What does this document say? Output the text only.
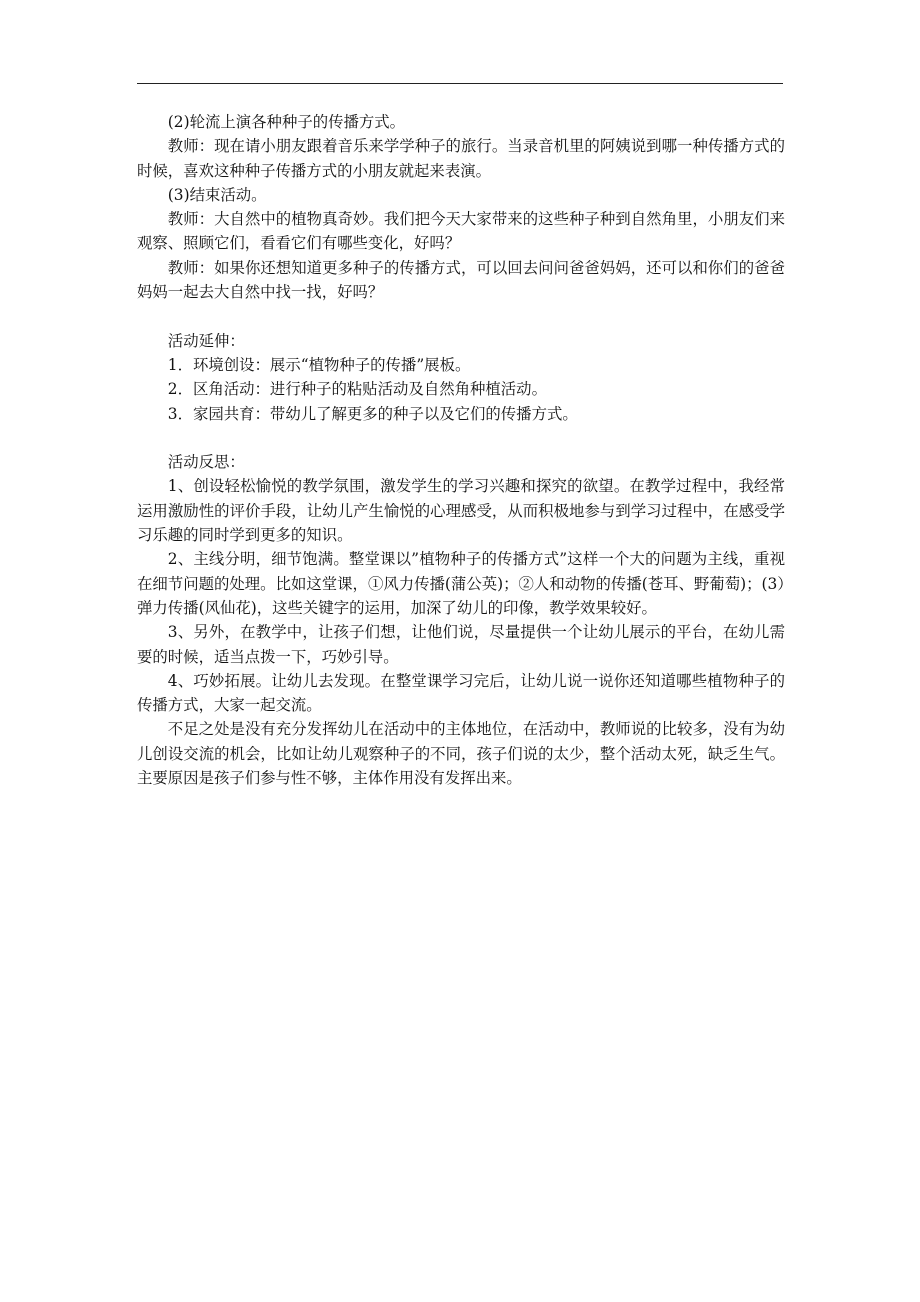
(2)轮流上演各种种子的传播方式。

教师：现在请小朋友跟着音乐来学学种子的旅行。当录音机里的阿姨说到哪一种传播方式的时候，喜欢这种种子传播方式的小朋友就起来表演。

(3)结束活动。

教师：大自然中的植物真奇妙。我们把今天大家带来的这些种子种到自然角里，小朋友们来观察、照顾它们，看看它们有哪些变化，好吗？

教师：如果你还想知道更多种子的传播方式，可以回去问问爸爸妈妈，还可以和你们的爸爸妈妈一起去大自然中找一找，好吗？

活动延伸：

1．环境创设：展示“植物种子的传播”展板。

2．区角活动：进行种子的粘贴活动及自然角种植活动。

3．家园共育：带幼儿了解更多的种子以及它们的传播方式。

活动反思：

1、创设轻松愉悦的教学氛围，激发学生的学习兴趣和探究的欲望。在教学过程中，我经常运用激励性的评价手段，让幼儿产生愉悦的心理感受，从而积极地参与到学习过程中，在感受学习乐趣的同时学到更多的知识。

2、主线分明，细节饱满。整堂课以”植物种子的传播方式”这样一个大的问题为主线，重视在细节问题的处理。比如这堂课，①风力传播(蒲公英)；②人和动物的传播(苍耳、野葡萄)；(3）弹力传播(风仙花)，这些关键字的运用，加深了幼儿的印像，教学效果较好。

3、另外，在教学中，让孩子们想，让他们说，尽量提供一个让幼儿展示的平台，在幼儿需要的时候，适当点拨一下，巧妙引导。

4、巧妙拓展。让幼儿去发现。在整堂课学习完后，让幼儿说一说你还知道哪些植物种子的传播方式，大家一起交流。

不足之处是没有充分发挥幼儿在活动中的主体地位，在活动中，教师说的比较多，没有为幼儿创设交流的机会，比如让幼儿观察种子的不同，孩子们说的太少，整个活动太死，缺乏生气。主要原因是孩子们参与性不够，主体作用没有发挥出来。
